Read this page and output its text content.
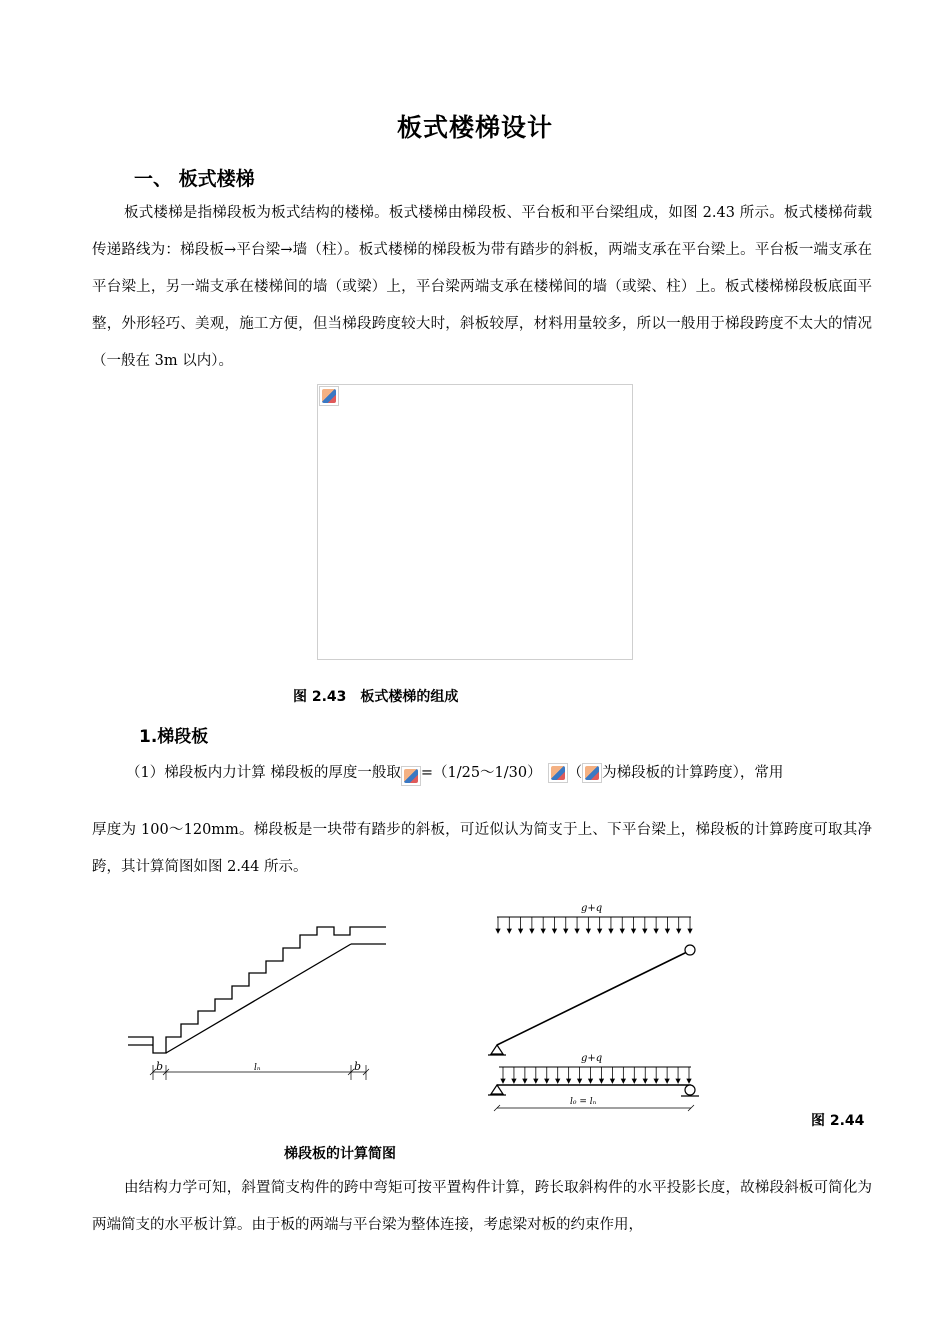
板式楼梯设计
一、 板式楼梯

板式楼梯是指梯段板为板式结构的楼梯。板式楼梯由梯段板、平台板和平台梁组成，如图 2.43 所示。板式楼梯荷载传递路线为：梯段板→平台梁→墙（柱）。板式楼梯的梯段板为带有踏步的斜板，两端支承在平台梁上。平台板一端支承在平台梁上，另一端支承在楼梯间的墙（或梁）上，平台梁两端支承在楼梯间的墙（或梁、柱）上。板式楼梯梯段板底面平整，外形轻巧、美观，施工方便，但当梯段跨度较大时，斜板较厚，材料用量较多，所以一般用于梯段跨度不太大的情况（一般在 3m 以内）。

图 2.43　板式楼梯的组成
1.梯段板
（1）梯段板内力计算 梯段板的厚度一般取 =（1/25～1/30） （ 为梯段板的计算跨度），常用

厚度为 100～120mm。梯段板是一块带有踏步的斜板，可近似认为简支于上、下平台梁上，梯段板的计算跨度可取其净跨，其计算简图如图 2.44 所示。

b	lₙ	b
g+q
g+q
l₀ = lₙ
图 2.44
梯段板的计算简图

由结构力学可知，斜置简支构件的跨中弯矩可按平置构件计算，跨长取斜构件的水平投影长度，故梯段斜板可简化为两端简支的水平板计算。由于板的两端与平台梁为整体连接，考虑梁对板的约束作用，
